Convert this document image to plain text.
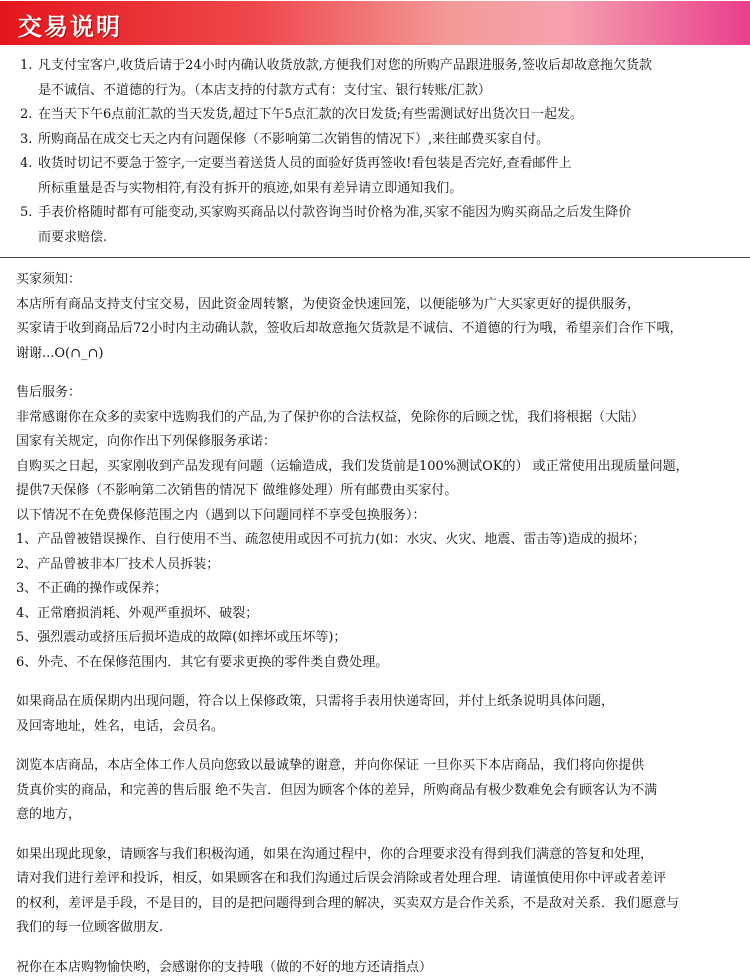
交易说明
1. 凡支付宝客户,收货后请于24小时内确认收货放款,方便我们对您的所购产品跟进服务,签收后却故意拖欠货款
是不诚信、不道德的行为。（本店支持的付款方式有：支付宝、银行转账/汇款）
2. 在当天下午6点前汇款的当天发货,超过下午5点汇款的次日发货;有些需测试好出货次日一起发。
3. 所购商品在成交七天之内有问题保修（不影响第二次销售的情况下）,来往邮费买家自付。
4. 收货时切记不要急于签字,一定要当着送货人员的面验好货再签收!看包装是否完好,查看邮件上
所标重量是否与实物相符,有没有拆开的痕迹,如果有差异请立即通知我们。
5. 手表价格随时都有可能变动,买家购买商品以付款咨询当时价格为准,买家不能因为购买商品之后发生降价
而要求赔偿.
买家须知：
本店所有商品支持支付宝交易，因此资金周转繁，为使资金快速回笼，以便能够为广大买家更好的提供服务，
买家请于收到商品后72小时内主动确认款，签收后却故意拖欠货款是不诚信、不道德的行为哦，希望亲们合作下哦，
谢谢...O(∩_∩)
售后服务：
非常感谢你在众多的卖家中选购我们的产品,为了保护你的合法权益，免除你的后顾之忧，我们将根据（大陆）
国家有关规定，向你作出下列保修服务承诺：
自购买之日起，买家刚收到产品发现有问题（运输造成，我们发货前是100%测试OK的） 或正常使用出现质量问题，
提供7天保修（不影响第二次销售的情况下 做维修处理）所有邮费由买家付。
以下情况不在免费保修范围之内（遇到以下问题同样不享受包换服务）：
1、产品曾被错误操作、自行使用不当、疏忽使用或因不可抗力(如：水灾、火灾、地震、雷击等)造成的损坏；
2、产品曾被非本厂技术人员拆装；
3、不正确的操作或保养；
4、正常磨损消耗、外观严重损坏、破裂；
5、强烈震动或挤压后损坏造成的故障(如摔坏或压坏等)；
6、外壳、不在保修范围内．其它有要求更换的零件类自费处理。
如果商品在质保期内出现问题，符合以上保修政策，只需将手表用快递寄回，并付上纸条说明具体问题，
及回寄地址，姓名，电话，会员名。
浏览本店商品，本店全体工作人员向您致以最诚挚的谢意，并向你保证 一旦你买下本店商品，我们将向你提供
货真价实的商品，和完善的售后服 绝不失言．但因为顾客个体的差异，所购商品有极少数难免会有顾客认为不满
意的地方，
如果出现此现象，请顾客与我们积极沟通，如果在沟通过程中，你的合理要求没有得到我们满意的答复和处理，
请对我们进行差评和投诉，相反，如果顾客在和我们沟通过后误会消除或者处理合理．请谨慎使用你中评或者差评
的权利，差评是手段，不是目的，目的是把问题得到合理的解决，买卖双方是合作关系，不是敌对关系．我们愿意与
我们的每一位顾客做朋友.
祝你在本店购物愉快哟，会感谢你的支持哦（做的不好的地方还请指点）
